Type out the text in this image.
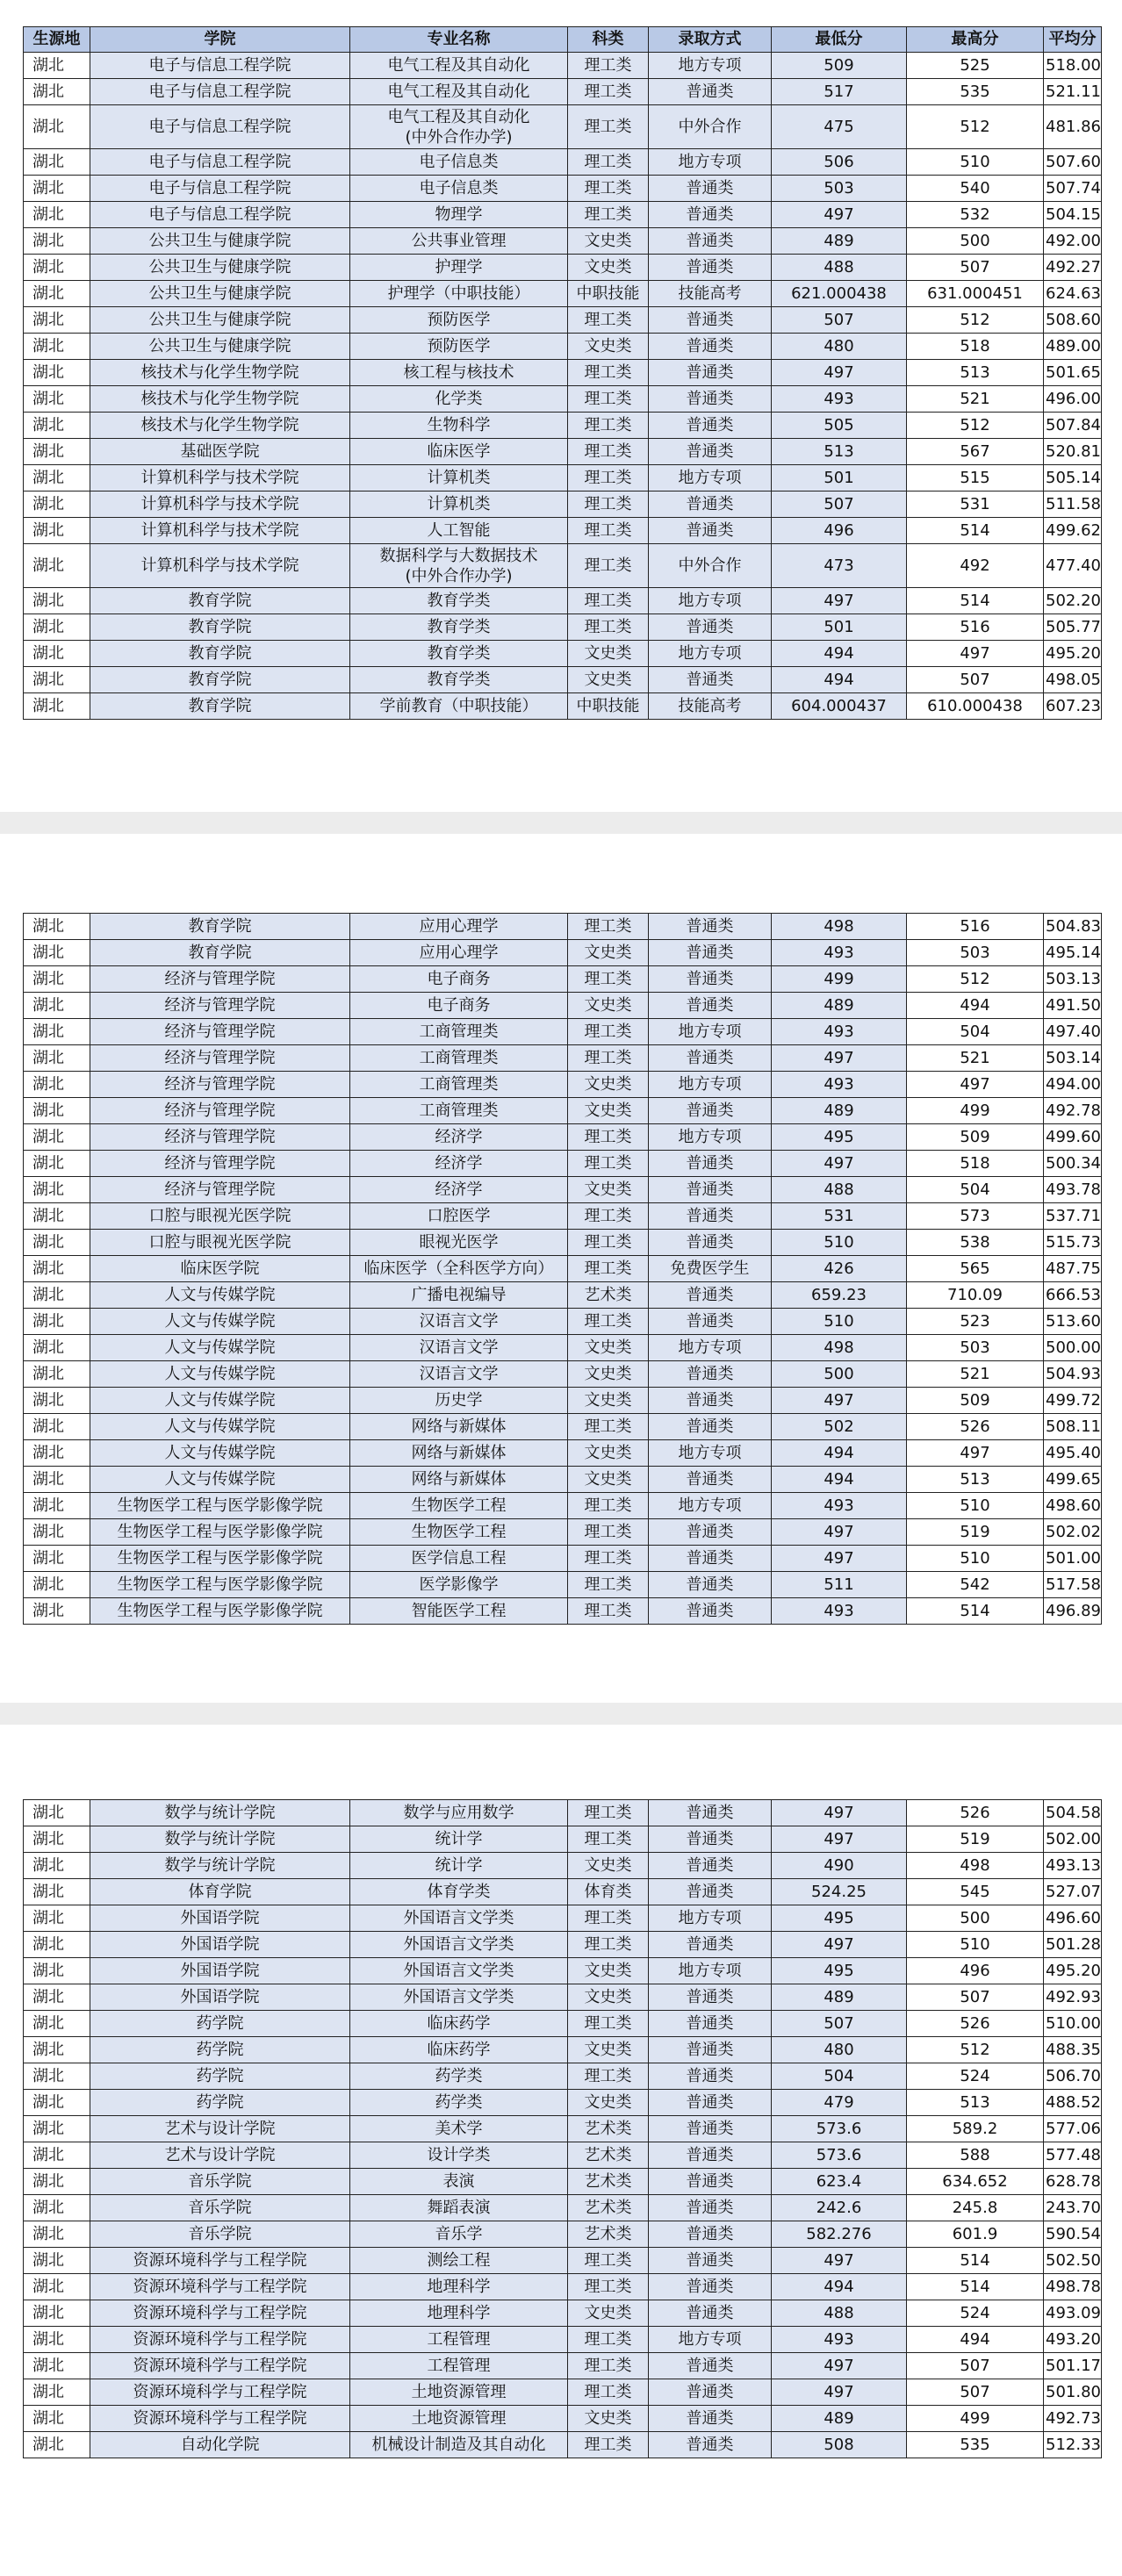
生源地	学院	专业名称	科类	录取方式	最低分	最高分	平均分
湖北	电子与信息工程学院	电气工程及其自动化	理工类	地方专项	509	525	518.00
湖北	电子与信息工程学院	电气工程及其自动化	理工类	普通类	517	535	521.11
湖北	电子与信息工程学院	电气工程及其自动化
(中外合作办学)	理工类	中外合作	475	512	481.86
湖北	电子与信息工程学院	电子信息类	理工类	地方专项	506	510	507.60
湖北	电子与信息工程学院	电子信息类	理工类	普通类	503	540	507.74
湖北	电子与信息工程学院	物理学	理工类	普通类	497	532	504.15
湖北	公共卫生与健康学院	公共事业管理	文史类	普通类	489	500	492.00
湖北	公共卫生与健康学院	护理学	文史类	普通类	488	507	492.27
湖北	公共卫生与健康学院	护理学（中职技能）	中职技能	技能高考	621.000438	631.000451	624.63
湖北	公共卫生与健康学院	预防医学	理工类	普通类	507	512	508.60
湖北	公共卫生与健康学院	预防医学	文史类	普通类	480	518	489.00
湖北	核技术与化学生物学院	核工程与核技术	理工类	普通类	497	513	501.65
湖北	核技术与化学生物学院	化学类	理工类	普通类	493	521	496.00
湖北	核技术与化学生物学院	生物科学	理工类	普通类	505	512	507.84
湖北	基础医学院	临床医学	理工类	普通类	513	567	520.81
湖北	计算机科学与技术学院	计算机类	理工类	地方专项	501	515	505.14
湖北	计算机科学与技术学院	计算机类	理工类	普通类	507	531	511.58
湖北	计算机科学与技术学院	人工智能	理工类	普通类	496	514	499.62
湖北	计算机科学与技术学院	数据科学与大数据技术
(中外合作办学)	理工类	中外合作	473	492	477.40
湖北	教育学院	教育学类	理工类	地方专项	497	514	502.20
湖北	教育学院	教育学类	理工类	普通类	501	516	505.77
湖北	教育学院	教育学类	文史类	地方专项	494	497	495.20
湖北	教育学院	教育学类	文史类	普通类	494	507	498.05
湖北	教育学院	学前教育（中职技能）	中职技能	技能高考	604.000437	610.000438	607.23
湖北	教育学院	应用心理学	理工类	普通类	498	516	504.83
湖北	教育学院	应用心理学	文史类	普通类	493	503	495.14
湖北	经济与管理学院	电子商务	理工类	普通类	499	512	503.13
湖北	经济与管理学院	电子商务	文史类	普通类	489	494	491.50
湖北	经济与管理学院	工商管理类	理工类	地方专项	493	504	497.40
湖北	经济与管理学院	工商管理类	理工类	普通类	497	521	503.14
湖北	经济与管理学院	工商管理类	文史类	地方专项	493	497	494.00
湖北	经济与管理学院	工商管理类	文史类	普通类	489	499	492.78
湖北	经济与管理学院	经济学	理工类	地方专项	495	509	499.60
湖北	经济与管理学院	经济学	理工类	普通类	497	518	500.34
湖北	经济与管理学院	经济学	文史类	普通类	488	504	493.78
湖北	口腔与眼视光医学院	口腔医学	理工类	普通类	531	573	537.71
湖北	口腔与眼视光医学院	眼视光医学	理工类	普通类	510	538	515.73
湖北	临床医学院	临床医学（全科医学方向）	理工类	免费医学生	426	565	487.75
湖北	人文与传媒学院	广播电视编导	艺术类	普通类	659.23	710.09	666.53
湖北	人文与传媒学院	汉语言文学	理工类	普通类	510	523	513.60
湖北	人文与传媒学院	汉语言文学	文史类	地方专项	498	503	500.00
湖北	人文与传媒学院	汉语言文学	文史类	普通类	500	521	504.93
湖北	人文与传媒学院	历史学	文史类	普通类	497	509	499.72
湖北	人文与传媒学院	网络与新媒体	理工类	普通类	502	526	508.11
湖北	人文与传媒学院	网络与新媒体	文史类	地方专项	494	497	495.40
湖北	人文与传媒学院	网络与新媒体	文史类	普通类	494	513	499.65
湖北	生物医学工程与医学影像学院	生物医学工程	理工类	地方专项	493	510	498.60
湖北	生物医学工程与医学影像学院	生物医学工程	理工类	普通类	497	519	502.02
湖北	生物医学工程与医学影像学院	医学信息工程	理工类	普通类	497	510	501.00
湖北	生物医学工程与医学影像学院	医学影像学	理工类	普通类	511	542	517.58
湖北	生物医学工程与医学影像学院	智能医学工程	理工类	普通类	493	514	496.89
湖北	数学与统计学院	数学与应用数学	理工类	普通类	497	526	504.58
湖北	数学与统计学院	统计学	理工类	普通类	497	519	502.00
湖北	数学与统计学院	统计学	文史类	普通类	490	498	493.13
湖北	体育学院	体育学类	体育类	普通类	524.25	545	527.07
湖北	外国语学院	外国语言文学类	理工类	地方专项	495	500	496.60
湖北	外国语学院	外国语言文学类	理工类	普通类	497	510	501.28
湖北	外国语学院	外国语言文学类	文史类	地方专项	495	496	495.20
湖北	外国语学院	外国语言文学类	文史类	普通类	489	507	492.93
湖北	药学院	临床药学	理工类	普通类	507	526	510.00
湖北	药学院	临床药学	文史类	普通类	480	512	488.35
湖北	药学院	药学类	理工类	普通类	504	524	506.70
湖北	药学院	药学类	文史类	普通类	479	513	488.52
湖北	艺术与设计学院	美术学	艺术类	普通类	573.6	589.2	577.06
湖北	艺术与设计学院	设计学类	艺术类	普通类	573.6	588	577.48
湖北	音乐学院	表演	艺术类	普通类	623.4	634.652	628.78
湖北	音乐学院	舞蹈表演	艺术类	普通类	242.6	245.8	243.70
湖北	音乐学院	音乐学	艺术类	普通类	582.276	601.9	590.54
湖北	资源环境科学与工程学院	测绘工程	理工类	普通类	497	514	502.50
湖北	资源环境科学与工程学院	地理科学	理工类	普通类	494	514	498.78
湖北	资源环境科学与工程学院	地理科学	文史类	普通类	488	524	493.09
湖北	资源环境科学与工程学院	工程管理	理工类	地方专项	493	494	493.20
湖北	资源环境科学与工程学院	工程管理	理工类	普通类	497	507	501.17
湖北	资源环境科学与工程学院	土地资源管理	理工类	普通类	497	507	501.80
湖北	资源环境科学与工程学院	土地资源管理	文史类	普通类	489	499	492.73
湖北	自动化学院	机械设计制造及其自动化	理工类	普通类	508	535	512.33
